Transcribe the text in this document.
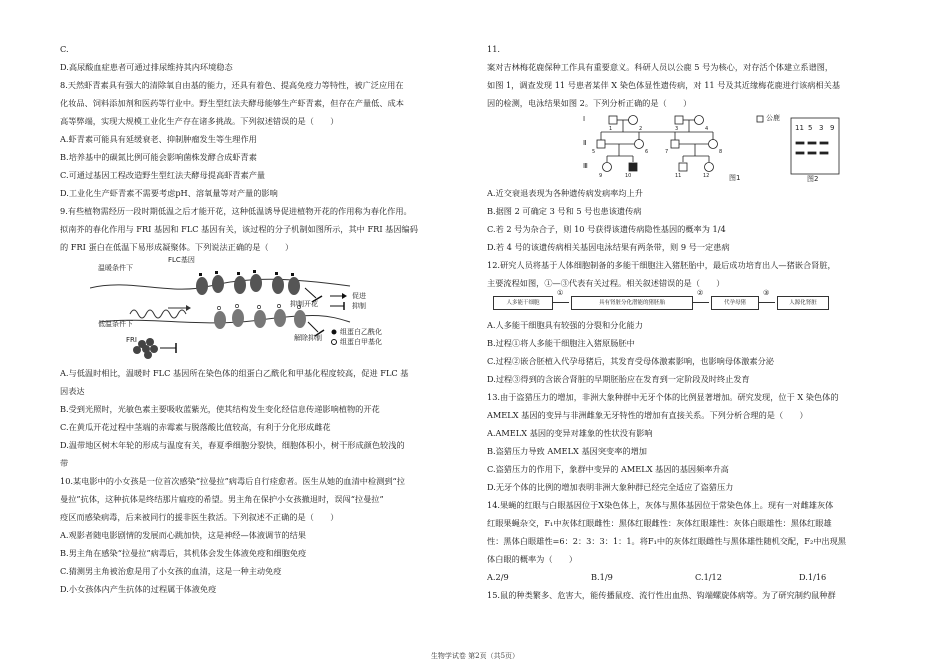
C.
D.高尿酸血症患者可通过排尿维持其内环境稳态
8.天然虾青素具有强大的清除氧自由基的能力，还具有着色、提高免疫力等特性，被广泛应用在
化妆品、饲料添加剂和医药等行业中。野生型红法夫酵母能够生产虾青素，但存在产量低、成本
高等弊端，实现大规模工业化生产存在诸多挑战。下列叙述错误的是（　　）
A.虾青素可能具有延缓衰老、抑制肿瘤发生等生理作用
B.培养基中的碳氮比例可能会影响菌株发酵合成虾青素
C.可通过基因工程改造野生型红法夫酵母提高虾青素产量
D.工业化生产虾青素不需要考虑pH、溶氧量等对产量的影响
9.有些植物需经历一段时期低温之后才能开花，这种低温诱导促进植物开花的作用称为春化作用。
拟南芥的春化作用与 FRI 基因和 FLC 基因有关，该过程的分子机制如图所示，其中 FRI 基因编码
的 FRI 蛋白在低温下易形成凝聚体。下列说法正确的是（　　）
温暖条件下
FLC基因
抑制开花
低温条件下
FRI	解除抑制
促进
抑制
组蛋白乙酰化
组蛋白甲基化
A.与低温时相比，温暖时 FLC 基因所在染色体的组蛋白乙酰化和甲基化程度较高，促进 FLC 基
因表达
B.受到光照时，光敏色素主要吸收蓝紫光，使其结构发生变化经信息传递影响植物的开花
C.在黄瓜开花过程中茎端的赤霉素与脱落酸比值较高，有利于分化形成雌花
D.温带地区树木年轮的形成与温度有关，春夏季细胞分裂快，细胞体积小，树干形成颜色较浅的
带
10.某电影中的小女孩是一位首次感染“拉曼拉”病毒后自行痊愈者。医生从她的血清中检测到“拉
曼拉”抗体，这种抗体是终结那片瘟疫的希望。男主角在保护小女孩撤退时，误闯“拉曼拉”
疫区而感染病毒，后来被同行的援非医生救活。下列叙述不正确的是（　　）
A.观影者随电影剧情的发展而心跳加快，这是神经—体液调节的结果
B.男主角在感染“拉曼拉”病毒后，其机体会发生体液免疫和细胞免疫
C.猜测男主角被治愈是用了小女孩的血清，这是一种主动免疫
D.小女孩体内产生抗体的过程属于体液免疫
11.
案对吉林梅花鹿保种工作具有重要意义。科研人员以公鹿 5 号为核心，对存活个体建立系谱图，
如图 1，调查发现 11 号患者某伴 X 染色体显性遗传病，对 11 号及其近缘梅花鹿进行该病相关基
因的检测，电泳结果如图 2。下列分析正确的是（　　）
Ⅰ
Ⅱ
Ⅲ
公鹿
图1	图2
11 5 3 9
1	2	3	4
5	6	7	8
9	10	11	12
A.近交衰退表现为各种遗传病发病率均上升
B.据图 2 可确定 3 号和 5 号也患该遗传病
C.若 2 号为杂合子，则 10 号获得该遗传病隐性基因的概率为 1/4
D.若 4 号的该遗传病相关基因电泳结果有两条带，则 9 号一定患病
12.研究人员将基于人体细胞制备的多能干细胞注入猪胚胎中，最后成功培育出人—猪嵌合肾脏，
主要流程如图，①—③代表有关过程。相关叙述错误的是（　　）
人多能干细胞
①
具有肾脏分化潜能的猪胚胎
②
代孕母猪
③
人源化肾脏
A.人多能干细胞具有较强的分裂和分化能力
B.过程①将人多能干细胞注入猪原肠胚中
C.过程②嵌合胚植入代孕母猪后，其发育受母体激素影响，也影响母体激素分泌
D.过程③得到的含嵌合肾脏的早期胚胎应在发育到一定阶段及时终止发育
13.由于盗猎压力的增加，非洲大象种群中无牙个体的比例显著增加。研究发现，位于 X 染色体的
AMELX 基因的变异与非洲雌象无牙特性的增加有直接关系。下列分析合理的是（　　）
A.AMELX 基因的变异对雄象的性状没有影响
B.盗猎压力导致 AMELX 基因突变率的增加
C.盗猎压力的作用下，象群中变异的 AMELX 基因的基因频率升高
D.无牙个体的比例的增加表明非洲大象种群已经完全适应了盗猎压力
14.果蝇的红眼与白眼基因位于X染色体上，灰体与黑体基因位于常染色体上。现有一对雌雄灰体
红眼果蝇杂交，F₁中灰体红眼雌性：黑体红眼雌性：灰体红眼雄性：灰体白眼雄性：黑体红眼雄
性：黑体白眼雄性=6：2：3：3：1：1。将F₁中的灰体红眼雌性与黑体雄性随机交配，F₂中出现黑
体白眼的概率为（　　）
A.2/9	B.1/9	C.1/12	D.1/16
15.鼠的种类繁多、危害大，能传播鼠疫、流行性出血热、钩端螺旋体病等。为了研究制约鼠种群
生物学试卷 第2页（共5页）
